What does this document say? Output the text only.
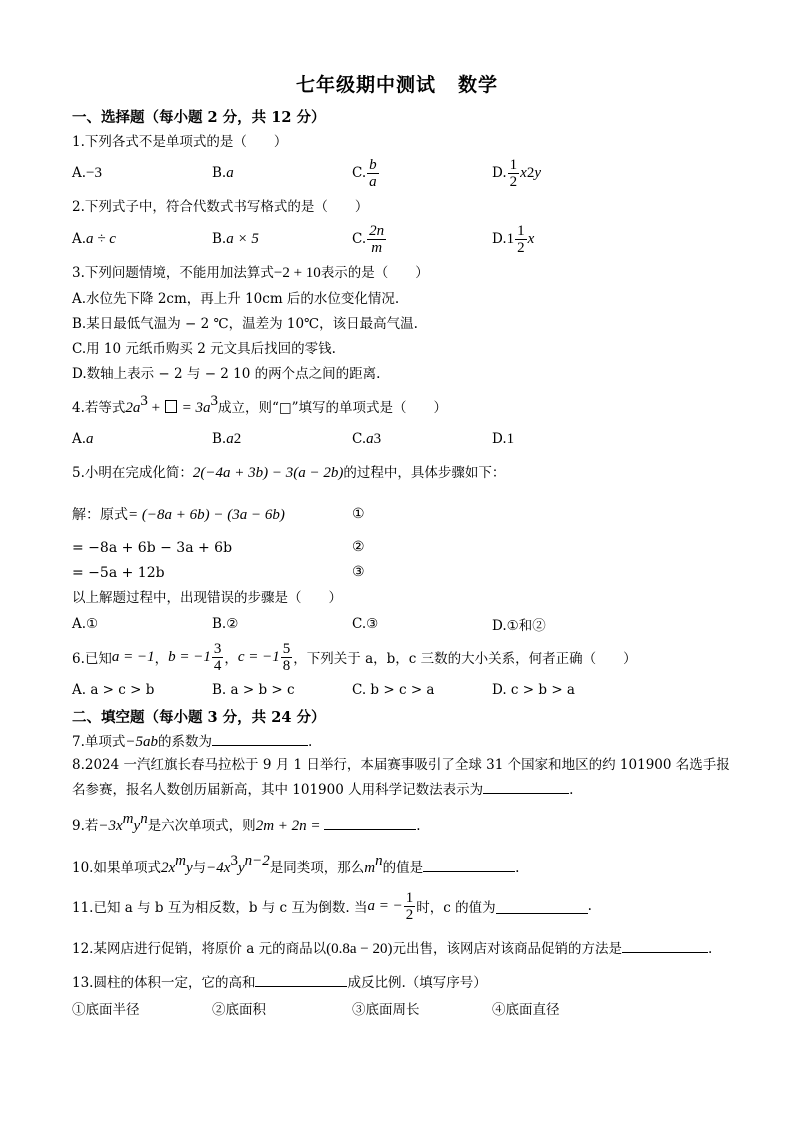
七年级期中测试 数学
一、选择题（每小题 2 分，共 12 分）
1.下列各式不是单项式的是（　　）
A. −3	B. a	C. $\frac{b}{a}$	D. $\frac{1}{2}$ x 2 y
2.下列式子中，符合代数式书写格式的是（　　）
A. a ÷ c	B. a × 5	C. $\frac{2n}{m}$	D. $1 \frac{1}{2}$ x
3.下列问题情境，不能用加法算式−2 + 10表示的是（　　）
A.水位先下降 2cm，再上升 10cm 后的水位变化情况.
B.某日最低气温为 − 2 ℃，温差为 10℃，该日最高气温.
C.用 10 元纸币购买 2 元文具后找回的零钱.
D.数轴上表示 − 2 与 − 2 10 的两个点之间的距离.
4.若等式$2a^3$ +  = $3a^3$成立，则“□”填写的单项式是（　　）
A. a	B. a 2	C. a 3	D. 1
5.小明在完成化简：2(−4a + 3b) − 3(a − 2b)的过程中，具体步骤如下：
解：原式= (−8a + 6b) − (3a − 6b)	①
= −8a + 6b − 3a + 6b	②
= −5a + 12b	③
以上解题过程中，出现错误的步骤是（　　）
A.①	B.②	C.③	D.①和②
6.已知 a = −1 ， $b = -1 \frac{3}{4}$ ， $c = -1 \frac{5}{8}$ ，下列关于 a，b，c 三数的大小关系，何者正确（　　）
A. a > c > b	B. a > b > c	C. b > c > a	D. c > b > a
二、填空题（每小题 3 分，共 24 分）
7.单项式−5ab的系数为	.
8.2024 一汽红旗长春马拉松于 9 月 1 日举行，本届赛事吸引了全球 31 个国家和地区的约 101900 名选手报
名参赛，报名人数创历届新高，其中 101900 人用科学记数法表示为	.
9.若$-3x^my^n$是六次单项式，则2m + 2n =	.
10.如果单项式$2x^my$与$-4x^3y^{n-2}$是同类项，那么$m^n$的值是	.
11.已知 a 与 b 互为相反数，b 与 c 互为倒数. 当 a = − $\frac{1}{2}$ 时，c 的值为	.
12.某网店进行促销，将原价 a 元的商品以(0.8a − 20)元出售，该网店对该商品促销的方法是	.
13.圆柱的体积一定，它的高和	成反比例.（填写序号）
①底面半径	②底面积	③底面周长	④底面直径
